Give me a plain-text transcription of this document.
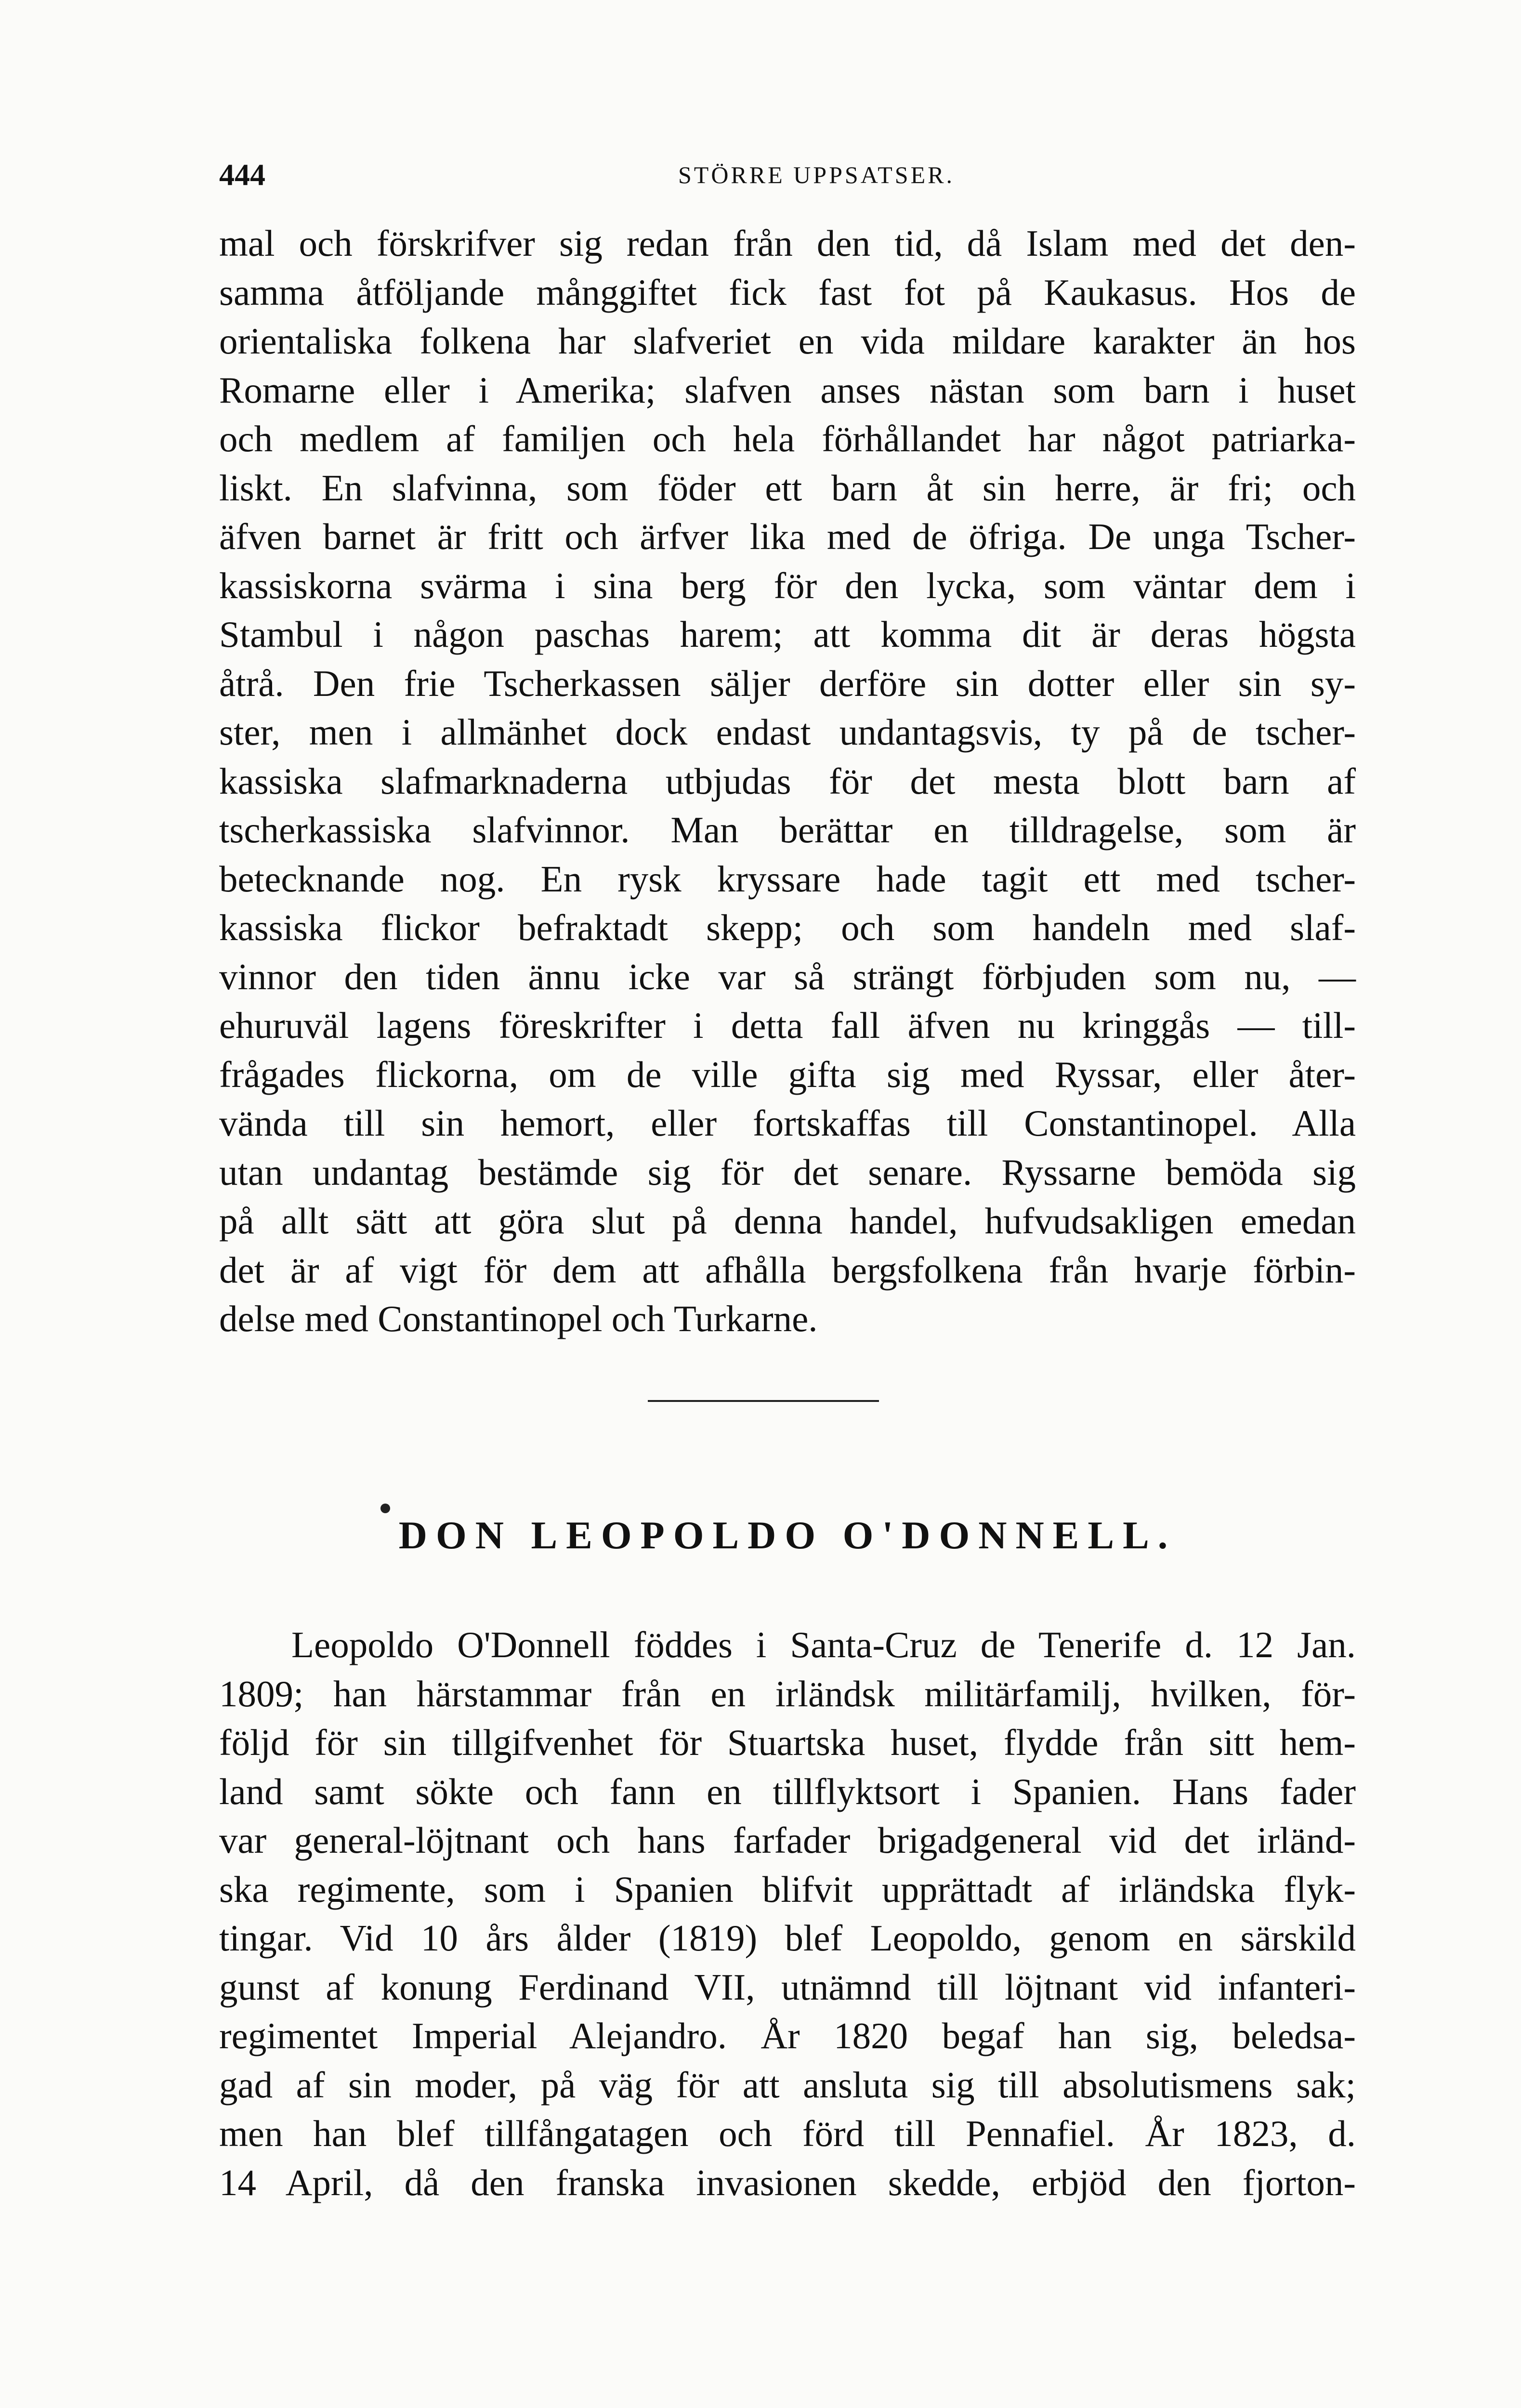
444	STÖRRE UPPSATSER.
mal och förskrifver sig redan från den tid, då Islam med det den-
samma åtföljande månggiftet fick fast fot på Kaukasus. Hos de
orientaliska folkena har slafveriet en vida mildare karakter än hos
Romarne eller i Amerika; slafven anses nästan som barn i huset
och medlem af familjen och hela förhållandet har något patriarka-
liskt. En slafvinna, som föder ett barn åt sin herre, är fri; och
äfven barnet är fritt och ärfver lika med de öfriga. De unga Tscher-
kassiskorna svärma i sina berg för den lycka, som väntar dem i
Stambul i någon paschas harem; att komma dit är deras högsta
åtrå. Den frie Tscherkassen säljer derföre sin dotter eller sin sy-
ster, men i allmänhet dock endast undantagsvis, ty på de tscher-
kassiska slafmarknaderna utbjudas för det mesta blott barn af
tscherkassiska slafvinnor. Man berättar en tilldragelse, som är
betecknande nog. En rysk kryssare hade tagit ett med tscher-
kassiska flickor befraktadt skepp; och som handeln med slaf-
vinnor den tiden ännu icke var så strängt förbjuden som nu, —
ehuruväl lagens föreskrifter i detta fall äfven nu kringgås — till-
frågades flickorna, om de ville gifta sig med Ryssar, eller åter-
vända till sin hemort, eller fortskaffas till Constantinopel. Alla
utan undantag bestämde sig för det senare. Ryssarne bemöda sig
på allt sätt att göra slut på denna handel, hufvudsakligen emedan
det är af vigt för dem att afhålla bergsfolkena från hvarje förbin-
delse med Constantinopel och Turkarne.
DON LEOPOLDO O'DONNELL.
Leopoldo O'Donnell föddes i Santa-Cruz de Tenerife d. 12 Jan.
1809; han härstammar från en irländsk militärfamilj, hvilken, för-
följd för sin tillgifvenhet för Stuartska huset, flydde från sitt hem-
land samt sökte och fann en tillflyktsort i Spanien. Hans fader
var general-löjtnant och hans farfader brigadgeneral vid det irländ-
ska regimente, som i Spanien blifvit upprättadt af irländska flyk-
tingar. Vid 10 års ålder (1819) blef Leopoldo, genom en särskild
gunst af konung Ferdinand VII, utnämnd till löjtnant vid infanteri-
regimentet Imperial Alejandro. År 1820 begaf han sig, beledsa-
gad af sin moder, på väg för att ansluta sig till absolutismens sak;
men han blef tillfångatagen och förd till Pennafiel. År 1823, d.
14 April, då den franska invasionen skedde, erbjöd den fjorton-
